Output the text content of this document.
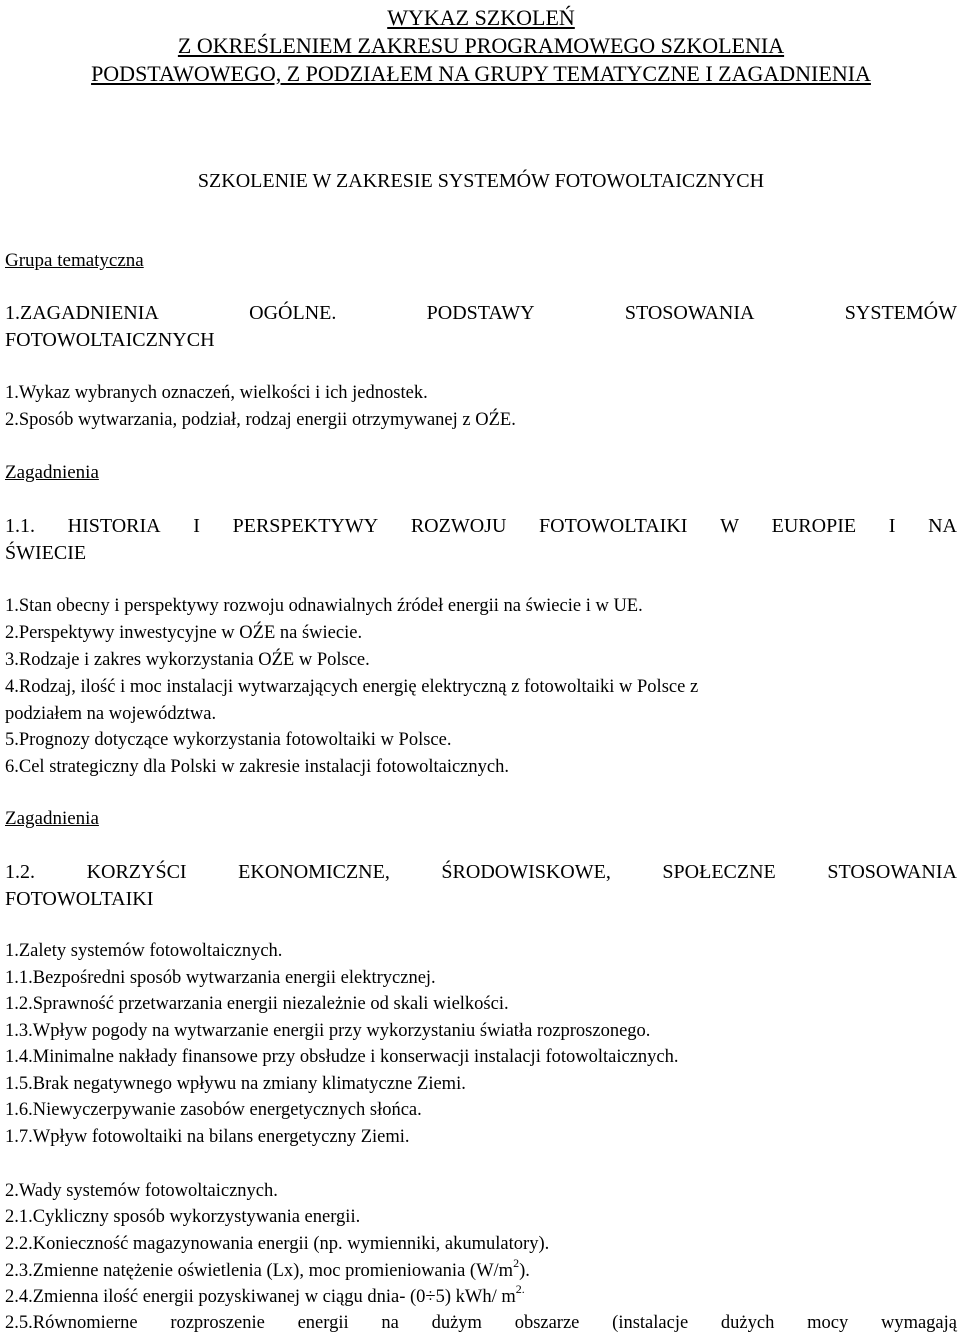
WYKAZ SZKOLEŃ
Z OKREŚLENIEM ZAKRESU PROGRAMOWEGO SZKOLENIA
PODSTAWOWEGO, Z PODZIAŁEM NA GRUPY TEMATYCZNE I ZAGADNIENIA
SZKOLENIE W ZAKRESIE SYSTEMÓW FOTOWOLTAICZNYCH
Grupa tematyczna
1.ZAGADNIENIA	OGÓLNE.	PODSTAWY	STOSOWANIA	SYSTEMÓW
FOTOWOLTAICZNYCH
1.Wykaz wybranych oznaczeń, wielkości i ich jednostek.
2.Sposób wytwarzania, podział, rodzaj energii otrzymywanej z OŹE.
Zagadnienia
1.1. HISTORIA I PERSPEKTYWY ROZWOJU FOTOWOLTAIKI W EUROPIE I NA
ŚWIECIE
1.Stan obecny i perspektywy rozwoju odnawialnych źródeł energii na świecie i w UE.
2.Perspektywy inwestycyjne w OŹE na świecie.
3.Rodzaje i zakres wykorzystania OŹE w Polsce.
4.Rodzaj, ilość i moc instalacji wytwarzających energię elektryczną z fotowoltaiki w Polsce z
podziałem na województwa.
5.Prognozy dotyczące wykorzystania fotowoltaiki w Polsce.
6.Cel strategiczny dla Polski w zakresie instalacji fotowoltaicznych.
Zagadnienia
1.2.	KORZYŚCI	EKONOMICZNE,	ŚRODOWISKOWE,	SPOŁECZNE	STOSOWANIA
FOTOWOLTAIKI
1.Zalety systemów fotowoltaicznych.
1.1.Bezpośredni sposób wytwarzania energii elektrycznej.
1.2.Sprawność przetwarzania energii niezależnie od skali wielkości.
1.3.Wpływ pogody na wytwarzanie energii przy wykorzystaniu światła rozproszonego.
1.4.Minimalne nakłady finansowe przy obsłudze i konserwacji instalacji fotowoltaicznych.
1.5.Brak negatywnego wpływu na zmiany klimatyczne Ziemi.
1.6.Niewyczerpywanie zasobów energetycznych słońca.
1.7.Wpływ fotowoltaiki na bilans energetyczny Ziemi.
2.Wady systemów fotowoltaicznych.
2.1.Cykliczny sposób wykorzystywania energii.
2.2.Konieczność magazynowania energii (np. wymienniki, akumulatory).
2.3.Zmienne natężenie oświetlenia (Lx), moc promieniowania $(W/m^2)$.
2.4.Zmienna ilość energii pozyskiwanej w ciągu dnia- (0÷5) kWh/ $m^{2.}$
2.5.Równomierne rozproszenie energii na dużym obszarze (instalacje dużych mocy wymagają
